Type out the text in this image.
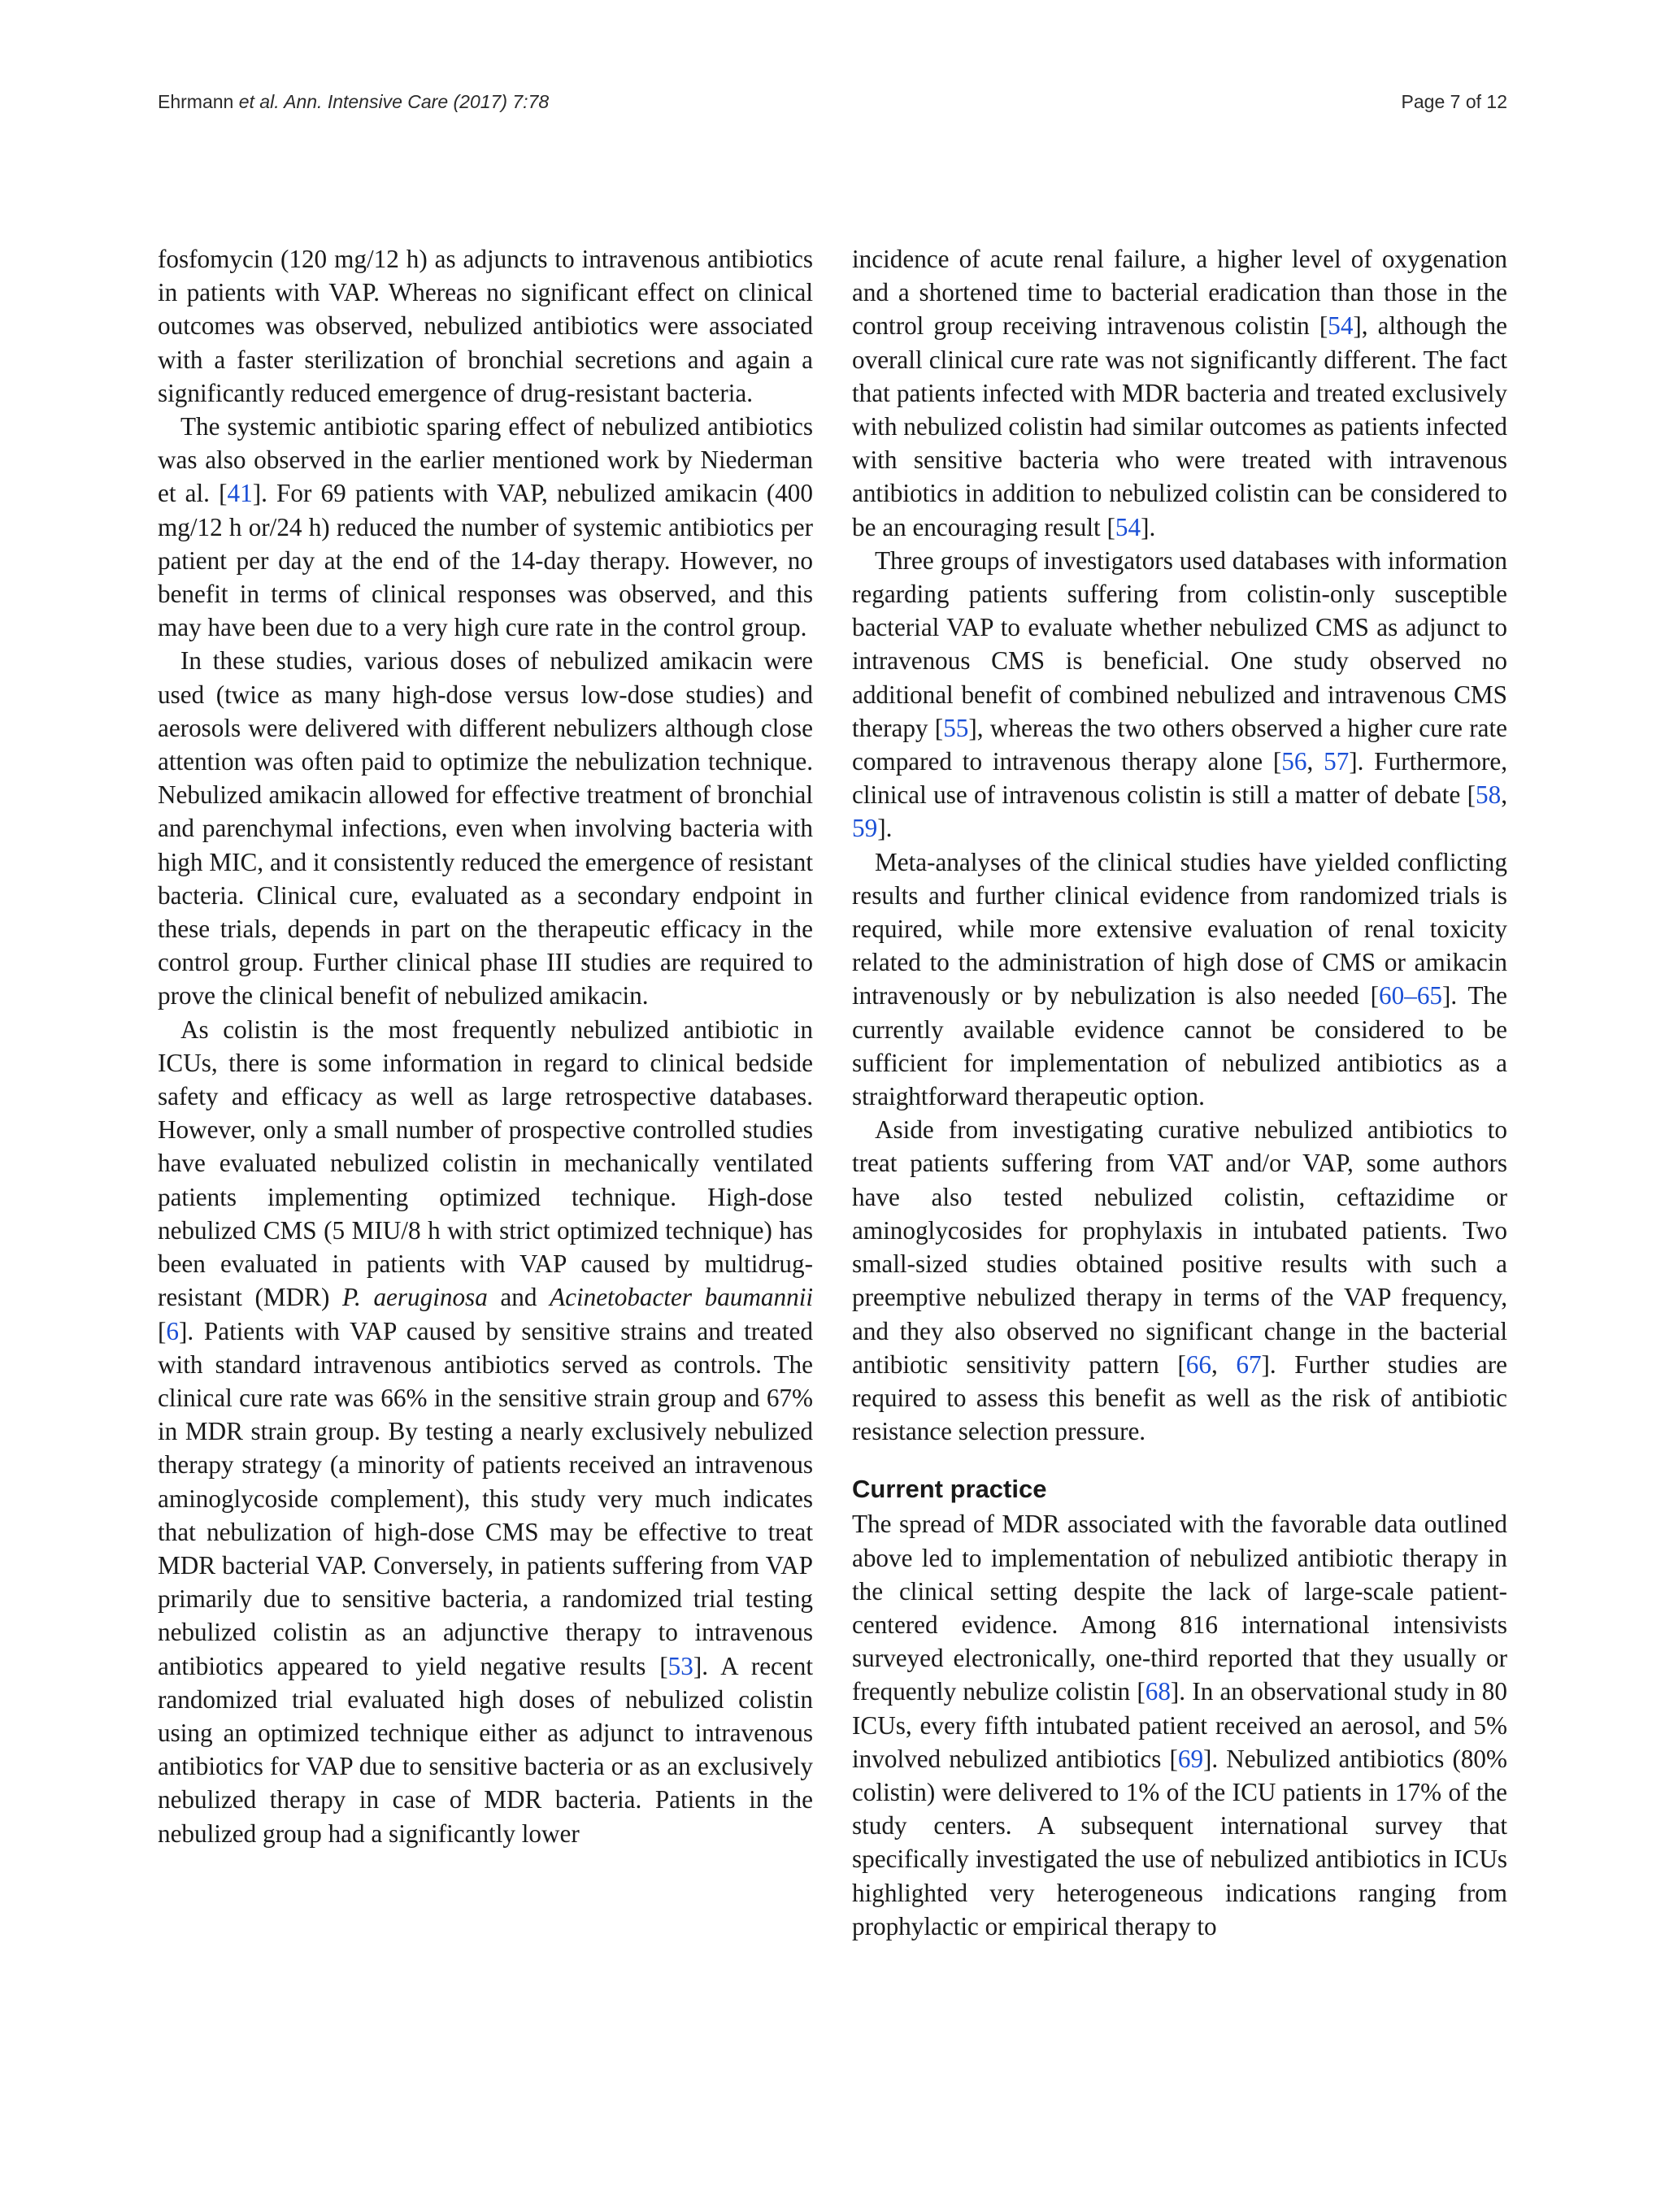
Ehrmann et al. Ann. Intensive Care (2017) 7:78	Page 7 of 12

fosfomycin (120 mg/12 h) as adjuncts to intravenous antibiotics in patients with VAP. Whereas no significant effect on clinical outcomes was observed, nebulized antibiotics were associated with a faster sterilization of bronchial secretions and again a significantly reduced emergence of drug-resistant bacteria.

The systemic antibiotic sparing effect of nebulized antibiotics was also observed in the earlier mentioned work by Niederman et al. [41]. For 69 patients with VAP, nebulized amikacin (400 mg/12 h or/24 h) reduced the number of systemic antibiotics per patient per day at the end of the 14-day therapy. However, no benefit in terms of clinical responses was observed, and this may have been due to a very high cure rate in the control group.

In these studies, various doses of nebulized amikacin were used (twice as many high-dose versus low-dose studies) and aerosols were delivered with different nebulizers although close attention was often paid to optimize the nebulization technique. Nebulized amikacin allowed for effective treatment of bronchial and parenchymal infections, even when involving bacteria with high MIC, and it consistently reduced the emergence of resistant bacteria. Clinical cure, evaluated as a secondary endpoint in these trials, depends in part on the therapeutic efficacy in the control group. Further clinical phase III studies are required to prove the clinical benefit of nebulized amikacin.

As colistin is the most frequently nebulized antibiotic in ICUs, there is some information in regard to clinical bedside safety and efficacy as well as large retrospective databases. However, only a small number of prospective controlled studies have evaluated nebulized colistin in mechanically ventilated patients implementing optimized technique. High-dose nebulized CMS (5 MIU/8 h with strict optimized technique) has been evaluated in patients with VAP caused by multidrug-resistant (MDR) P. aeruginosa and Acinetobacter baumannii [6]. Patients with VAP caused by sensitive strains and treated with standard intravenous antibiotics served as controls. The clinical cure rate was 66% in the sensitive strain group and 67% in MDR strain group. By testing a nearly exclusively nebulized therapy strategy (a minority of patients received an intravenous aminoglycoside complement), this study very much indicates that nebulization of high-dose CMS may be effective to treat MDR bacterial VAP. Conversely, in patients suffering from VAP primarily due to sensitive bacteria, a randomized trial testing nebulized colistin as an adjunctive therapy to intravenous antibiotics appeared to yield negative results [53]. A recent randomized trial evaluated high doses of nebulized colistin using an optimized technique either as adjunct to intravenous antibiotics for VAP due to sensitive bacteria or as an exclusively nebulized therapy in case of MDR bacteria. Patients in the nebulized group had a significantly lower

incidence of acute renal failure, a higher level of oxygenation and a shortened time to bacterial eradication than those in the control group receiving intravenous colistin [54], although the overall clinical cure rate was not significantly different. The fact that patients infected with MDR bacteria and treated exclusively with nebulized colistin had similar outcomes as patients infected with sensitive bacteria who were treated with intravenous antibiotics in addition to nebulized colistin can be considered to be an encouraging result [54].

Three groups of investigators used databases with information regarding patients suffering from colistin-only susceptible bacterial VAP to evaluate whether nebulized CMS as adjunct to intravenous CMS is beneficial. One study observed no additional benefit of combined nebulized and intravenous CMS therapy [55], whereas the two others observed a higher cure rate compared to intravenous therapy alone [56, 57]. Furthermore, clinical use of intravenous colistin is still a matter of debate [58, 59].

Meta-analyses of the clinical studies have yielded conflicting results and further clinical evidence from randomized trials is required, while more extensive evaluation of renal toxicity related to the administration of high dose of CMS or amikacin intravenously or by nebulization is also needed [60–65]. The currently available evidence cannot be considered to be sufficient for implementation of nebulized antibiotics as a straightforward therapeutic option.

Aside from investigating curative nebulized antibiotics to treat patients suffering from VAT and/or VAP, some authors have also tested nebulized colistin, ceftazidime or aminoglycosides for prophylaxis in intubated patients. Two small-sized studies obtained positive results with such a preemptive nebulized therapy in terms of the VAP frequency, and they also observed no significant change in the bacterial antibiotic sensitivity pattern [66, 67]. Further studies are required to assess this benefit as well as the risk of antibiotic resistance selection pressure.

Current practice

The spread of MDR associated with the favorable data outlined above led to implementation of nebulized antibiotic therapy in the clinical setting despite the lack of large-scale patient-centered evidence. Among 816 international intensivists surveyed electronically, one-third reported that they usually or frequently nebulize colistin [68]. In an observational study in 80 ICUs, every fifth intubated patient received an aerosol, and 5% involved nebulized antibiotics [69]. Nebulized antibiotics (80% colistin) were delivered to 1% of the ICU patients in 17% of the study centers. A subsequent international survey that specifically investigated the use of nebulized antibiotics in ICUs highlighted very heterogeneous indications ranging from prophylactic or empirical therapy to
